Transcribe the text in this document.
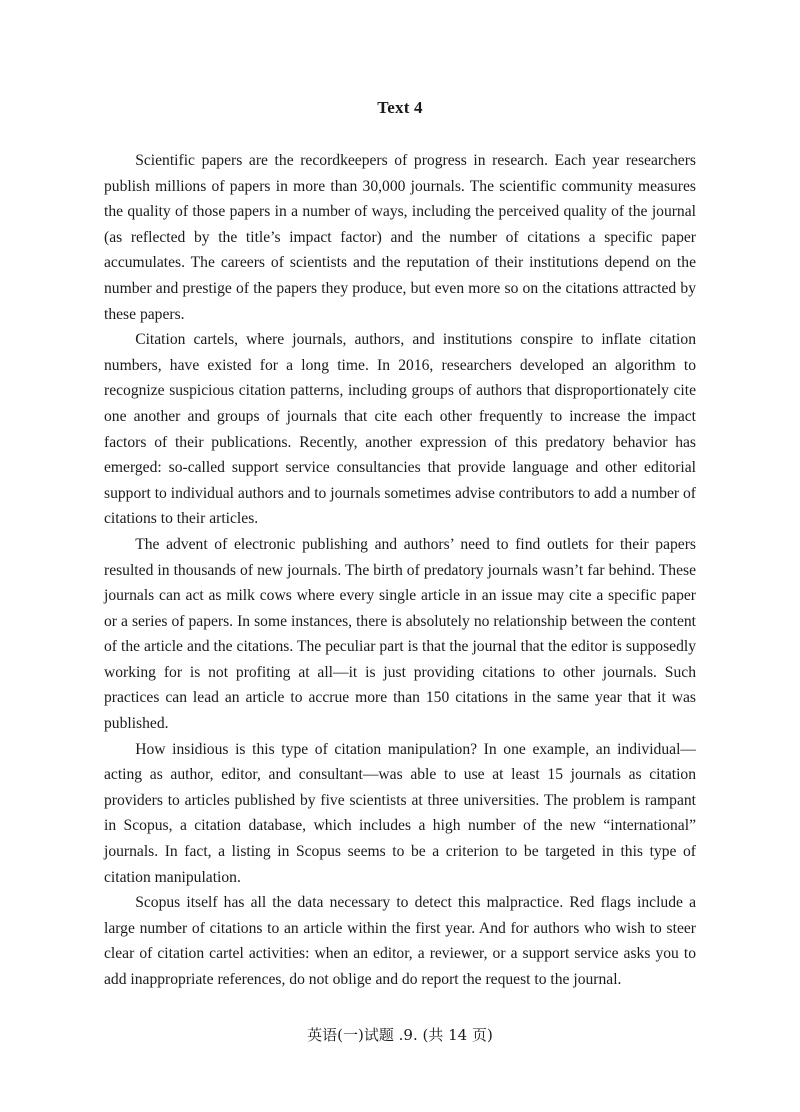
Text 4

Scientific papers are the recordkeepers of progress in research. Each year researchers publish millions of papers in more than 30,000 journals. The scientific community measures the quality of those papers in a number of ways, including the perceived quality of the journal (as reflected by the title’s impact factor) and the number of citations a specific paper accumulates. The careers of scientists and the reputation of their institutions depend on the number and prestige of the papers they produce, but even more so on the citations attracted by these papers.

Citation cartels, where journals, authors, and institutions conspire to inflate citation numbers, have existed for a long time. In 2016, researchers developed an algorithm to recognize suspicious citation patterns, including groups of authors that disproportionately cite one another and groups of journals that cite each other frequently to increase the impact factors of their publications. Recently, another expression of this predatory behavior has emerged: so-called support service consultancies that provide language and other editorial support to individual authors and to journals sometimes advise contributors to add a number of citations to their articles.

The advent of electronic publishing and authors’ need to find outlets for their papers resulted in thousands of new journals. The birth of predatory journals wasn’t far behind. These journals can act as milk cows where every single article in an issue may cite a specific paper or a series of papers. In some instances, there is absolutely no relationship between the content of the article and the citations. The peculiar part is that the journal that the editor is supposedly working for is not profiting at all—it is just providing citations to other journals. Such practices can lead an article to accrue more than 150 citations in the same year that it was published.

How insidious is this type of citation manipulation? In one example, an individual—acting as author, editor, and consultant—was able to use at least 15 journals as citation providers to articles published by five scientists at three universities. The problem is rampant in Scopus, a citation database, which includes a high number of the new “international” journals. In fact, a listing in Scopus seems to be a criterion to be targeted in this type of citation manipulation.

Scopus itself has all the data necessary to detect this malpractice. Red flags include a large number of citations to an article within the first year. And for authors who wish to steer clear of citation cartel activities: when an editor, a reviewer, or a support service asks you to add inappropriate references, do not oblige and do report the request to the journal.

英语(一)试题 .9. (共 14 页)
